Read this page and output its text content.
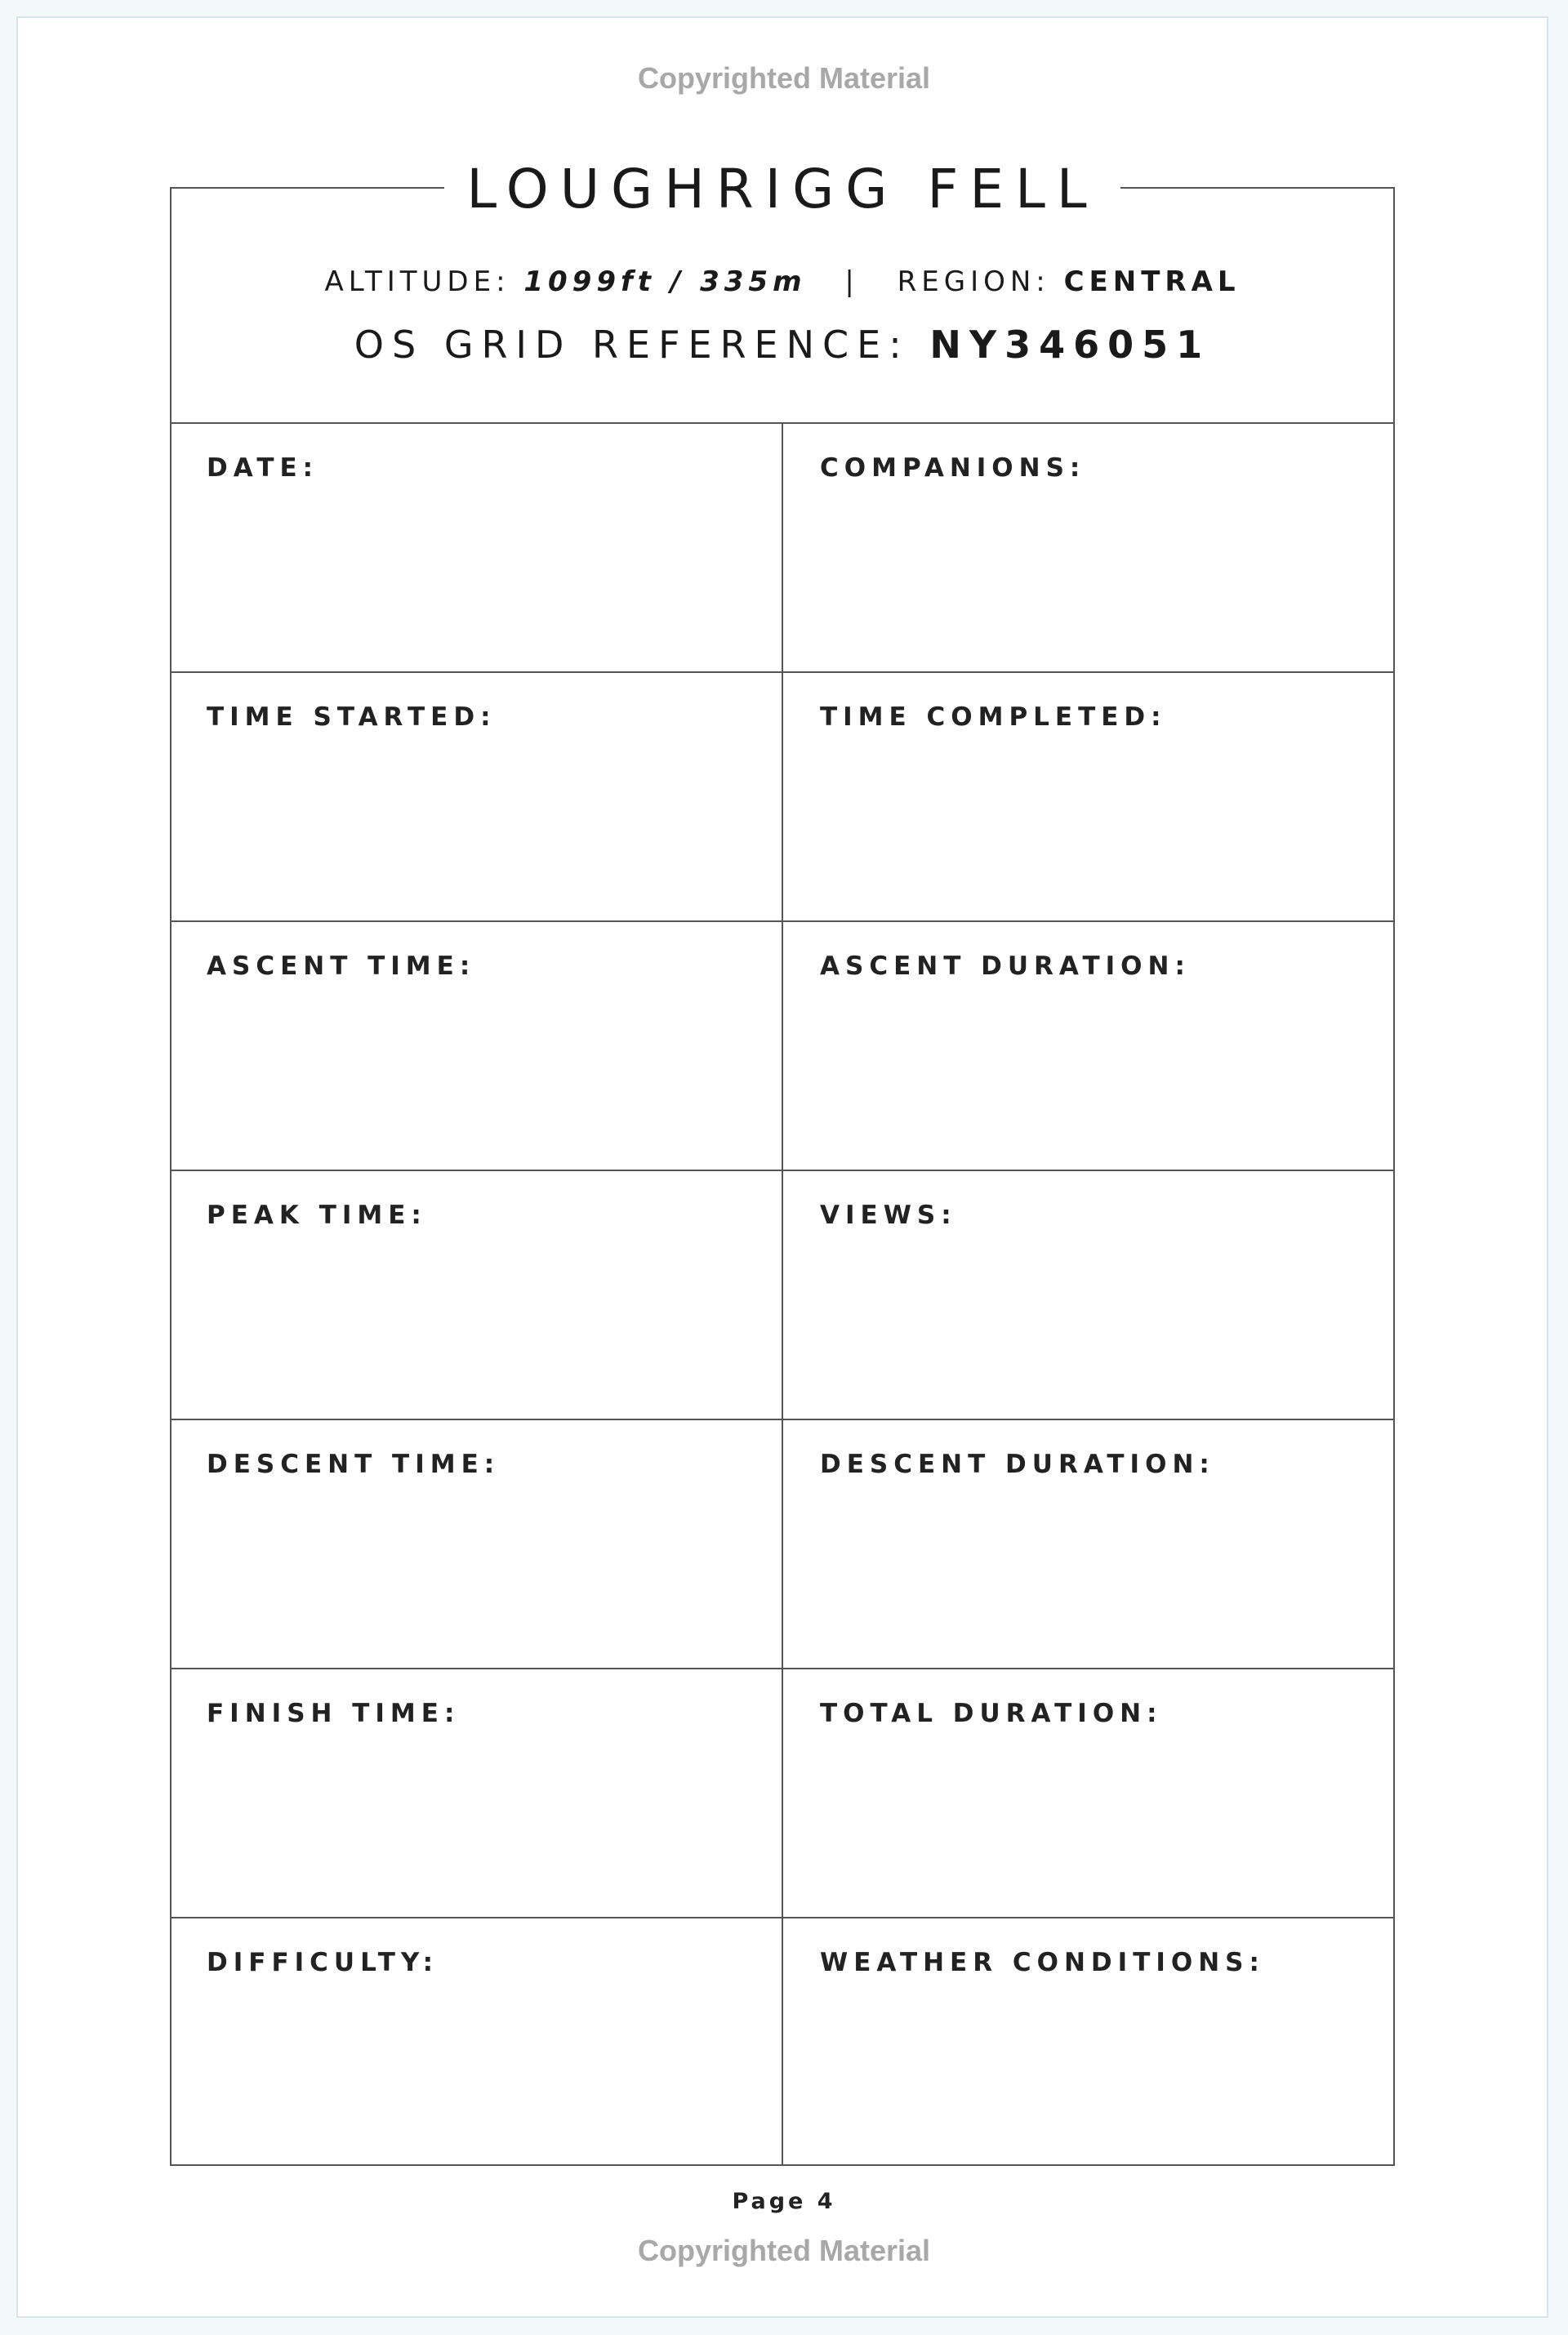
Copyrighted Material
LOUGHRIGG FELL
ALTITUDE: 1099ft / 335m | REGION: CENTRAL
OS GRID REFERENCE: NY346051
DATE:	COMPANIONS:
TIME STARTED:	TIME COMPLETED:
ASCENT TIME:	ASCENT DURATION:
PEAK TIME:	VIEWS:
DESCENT TIME:	DESCENT DURATION:
FINISH TIME:	TOTAL DURATION:
DIFFICULTY:	WEATHER CONDITIONS:
Page 4
Copyrighted Material
